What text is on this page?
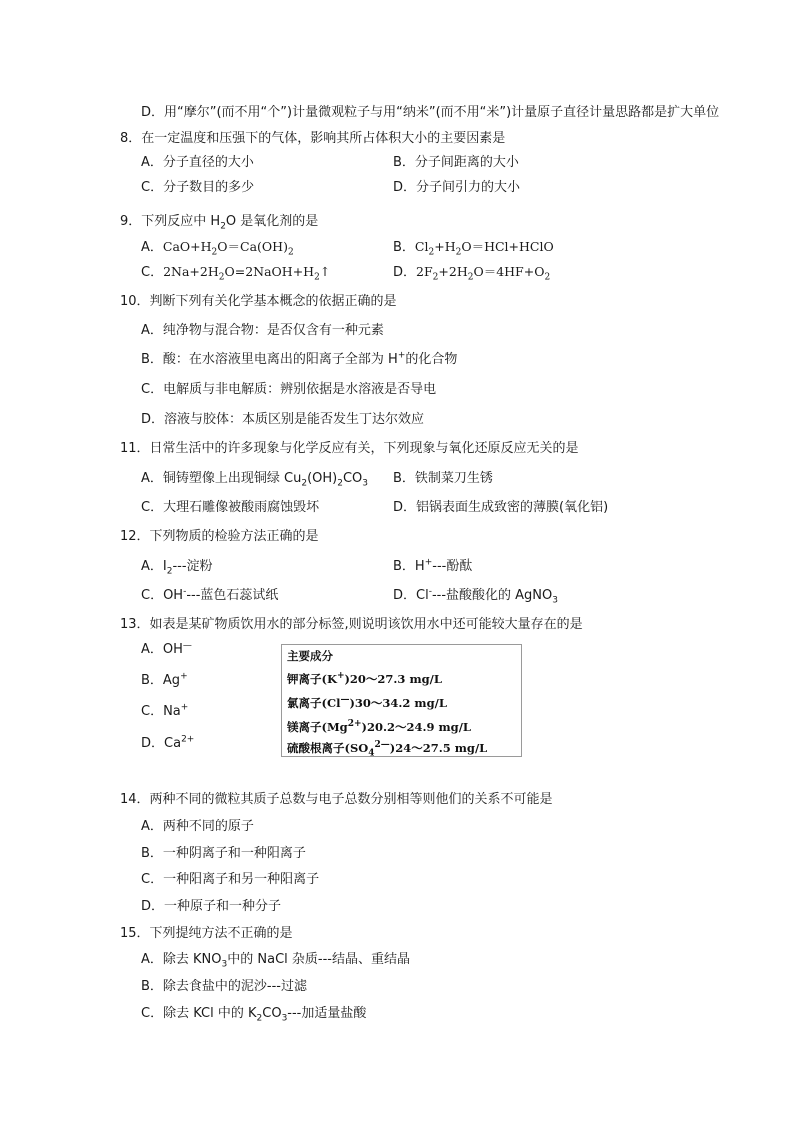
D．用“摩尔”(而不用“个”)计量微观粒子与用“纳米”(而不用“米”)计量原子直径计量思路都是扩大单位
8．在一定温度和压强下的气体，影响其所占体积大小的主要因素是
A．分子直径的大小	B．分子间距离的大小
C．分子数目的多少	D．分子间引力的大小
9．下列反应中 $H_2O$ 是氧化剂的是
A．$CaO+H_2O=Ca(OH)_2$	B．$Cl_2+H_2O=HCl+HClO$
C．$2Na+2H_2O=2NaOH+H_2↑$	D．$2F_2+2H_2O=4HF+O_2$
10．判断下列有关化学基本概念的依据正确的是
A．纯净物与混合物：是否仅含有一种元素
B．酸：在水溶液里电离出的阳离子全部为 H+的化合物
C．电解质与非电解质：辨别依据是水溶液是否导电
D．溶液与胶体：本质区别是能否发生丁达尔效应
11．日常生活中的许多现象与化学反应有关，下列现象与氧化还原反应无关的是
A．铜铸塑像上出现铜绿 $Cu_2(OH)_2CO_3$ B．铁制菜刀生锈
C．大理石雕像被酸雨腐蚀毁坏	D．铝锅表面生成致密的薄膜(氧化铝)
12．下列物质的检验方法正确的是
A．$I_2---$淀粉	B．H+---酚酞
C．OH----蓝色石蕊试纸	D．Cl----盐酸酸化的 AgNO$_3$
13．如表是某矿物质饮用水的部分标签,则说明该饮用水中还可能较大量存在的是
A．OH—
B．Ag+
C．Na+
D．$Ca^{2+}$
主要成分
钾离子(K+)20～27.3 mg/L
氯离子(Cl—)30～34.2 mg/L
镁离子$(Mg^{2+})20.2\sim 24.9$ mg/L
硫酸根离子$(SO_4^{2—})24\sim 27.5$ mg/L
14．两种不同的微粒其质子总数与电子总数分别相等则他们的关系不可能是
A．两种不同的原子
B．一种阴离子和一种阳离子
C．一种阳离子和另一种阳离子
D．一种原子和一种分子
15．下列提纯方法不正确的是
A．除去 $KNO_3$中的 NaCl 杂质---结晶、重结晶
B．除去食盐中的泥沙---过滤
C．除去 KCl 中的 $K_2CO_3---$加适量盐酸
